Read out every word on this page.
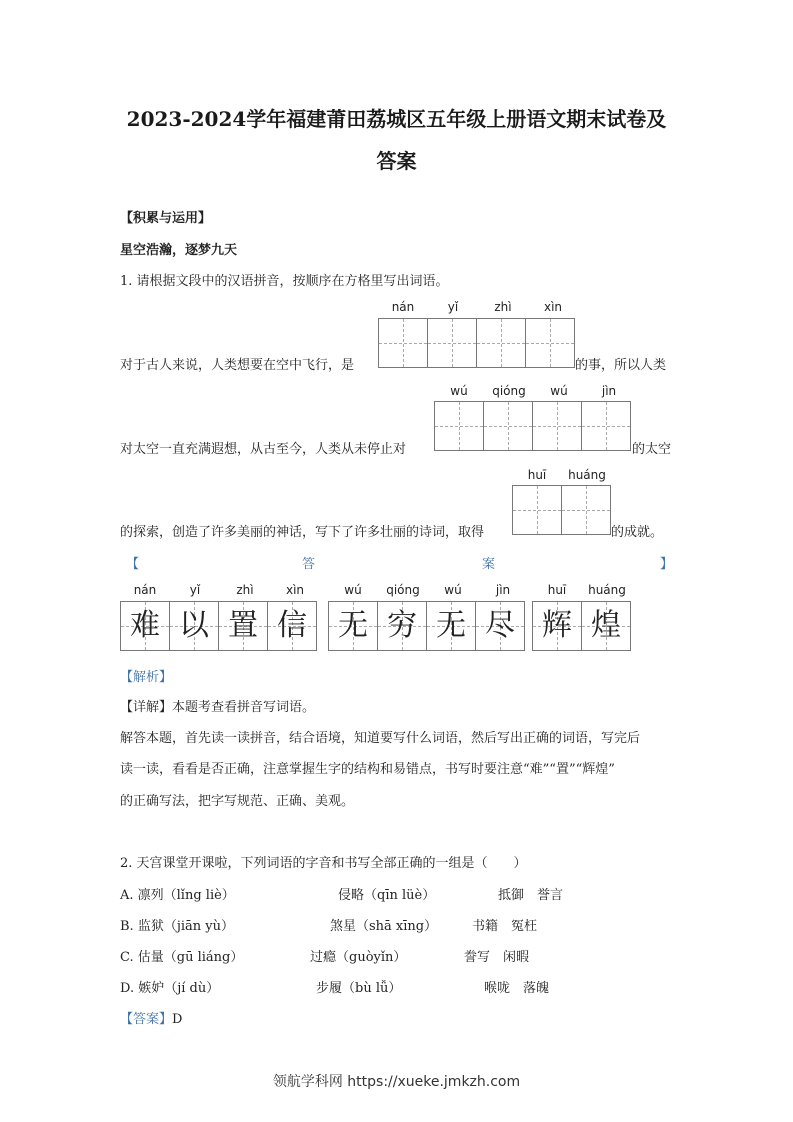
2023-2024学年福建莆田荔城区五年级上册语文期末试卷及
答案
【积累与运用】
星空浩瀚，逐梦九天
1. 请根据文段中的汉语拼音，按顺序在方格里写出词语。
nán	yǐ	zhì	xìn
对于古人来说，人类想要在空中飞行，是	的事，所以人类
wú	qióng	wú	jìn
对太空一直充满遐想，从古至今，人类从未停止对	的太空
huī	huáng
的探索，创造了许多美丽的神话，写下了许多壮丽的诗词，取得	的成就。
【	答	案	】
nán	yǐ	zhì	xìn
难 以 置 信
wú	qióng	wú	jìn
无 穷 无 尽
huī	huáng
辉 煌
【解析】
【详解】本题考查看拼音写词语。
解答本题，首先读一读拼音，结合语境，知道要写什么词语，然后写出正确的词语，写完后
读一读，看看是否正确，注意掌握生字的结构和易错点，书写时要注意“难”“置”“辉煌”
的正确写法，把字写规范、正确、美观。
2. 天宫课堂开课啦，下列词语的字音和书写全部正确的一组是（　　）
A. 凛列（lǐng liè）	侵略（qīn lüè）	抵御　誉言
B. 监狱（jiān yù）	煞星（shā xīng）	书籍　冤枉
C. 估量（gū liáng）	过瘾（guòyǐn）	誊写　闲暇
D. 嫉妒（jí dù）	步履（bù lǚ）	喉咙　落魄
【答案】D
领航学科网 https://xueke.jmkzh.com
